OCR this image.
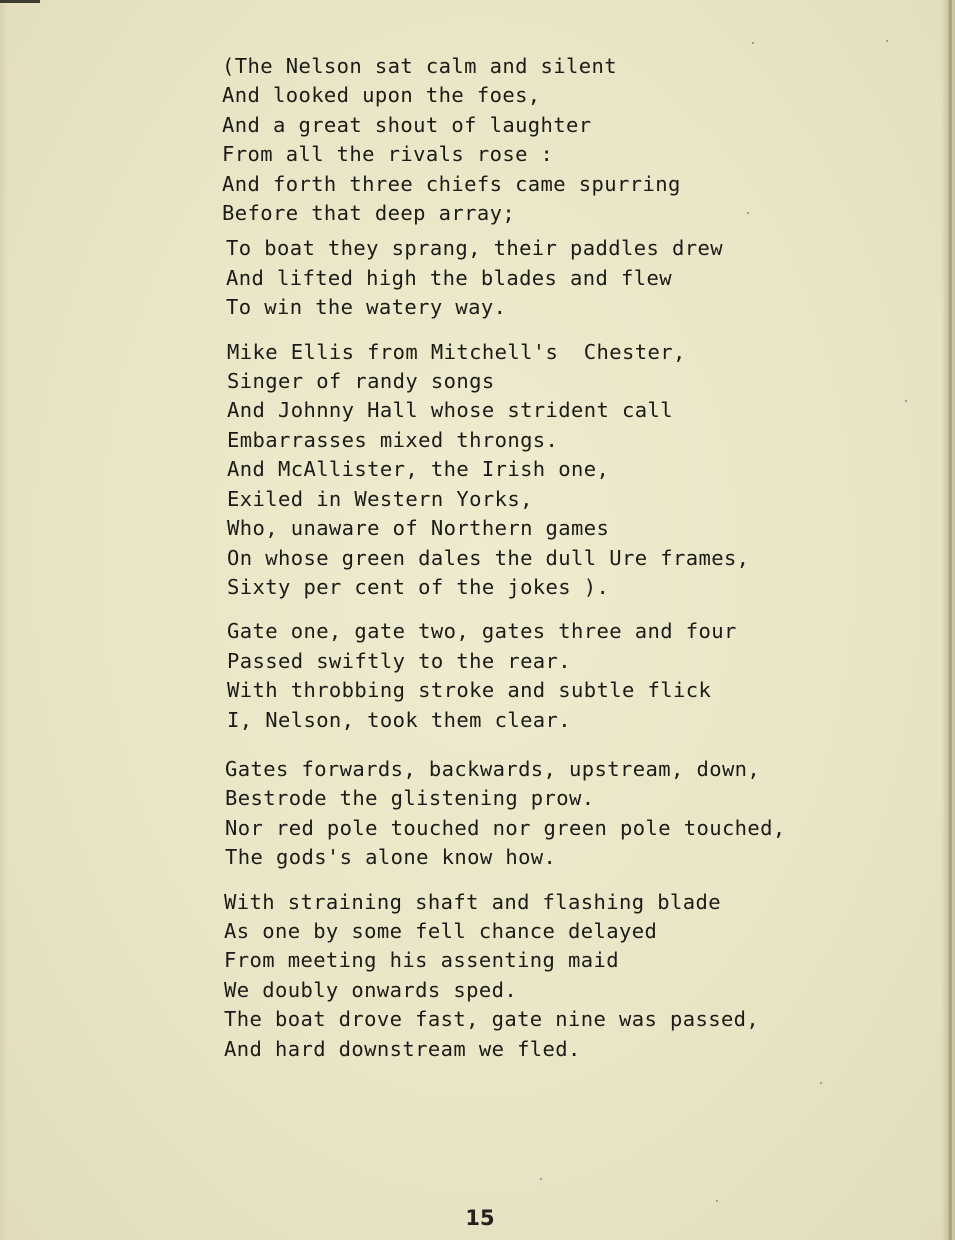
(The Nelson sat calm and silent
And looked upon the foes,
And a great shout of laughter
From all the rivals rose :
And forth three chiefs came spurring
Before that deep array;
To boat they sprang, their paddles drew
And lifted high the blades and flew
To win the watery way.
Mike Ellis from Mitchell's  Chester,
Singer of randy songs
And Johnny Hall whose strident call
Embarrasses mixed throngs.
And McAllister, the Irish one,
Exiled in Western Yorks,
Who, unaware of Northern games
On whose green dales the dull Ure frames,
Sixty per cent of the jokes ).
Gate one, gate two, gates three and four
Passed swiftly to the rear.
With throbbing stroke and subtle flick
I, Nelson, took them clear.
Gates forwards, backwards, upstream, down,
Bestrode the glistening prow.
Nor red pole touched nor green pole touched,
The gods's alone know how.
With straining shaft and flashing blade
As one by some fell chance delayed
From meeting his assenting maid
We doubly onwards sped.
The boat drove fast, gate nine was passed,
And hard downstream we fled.
15
